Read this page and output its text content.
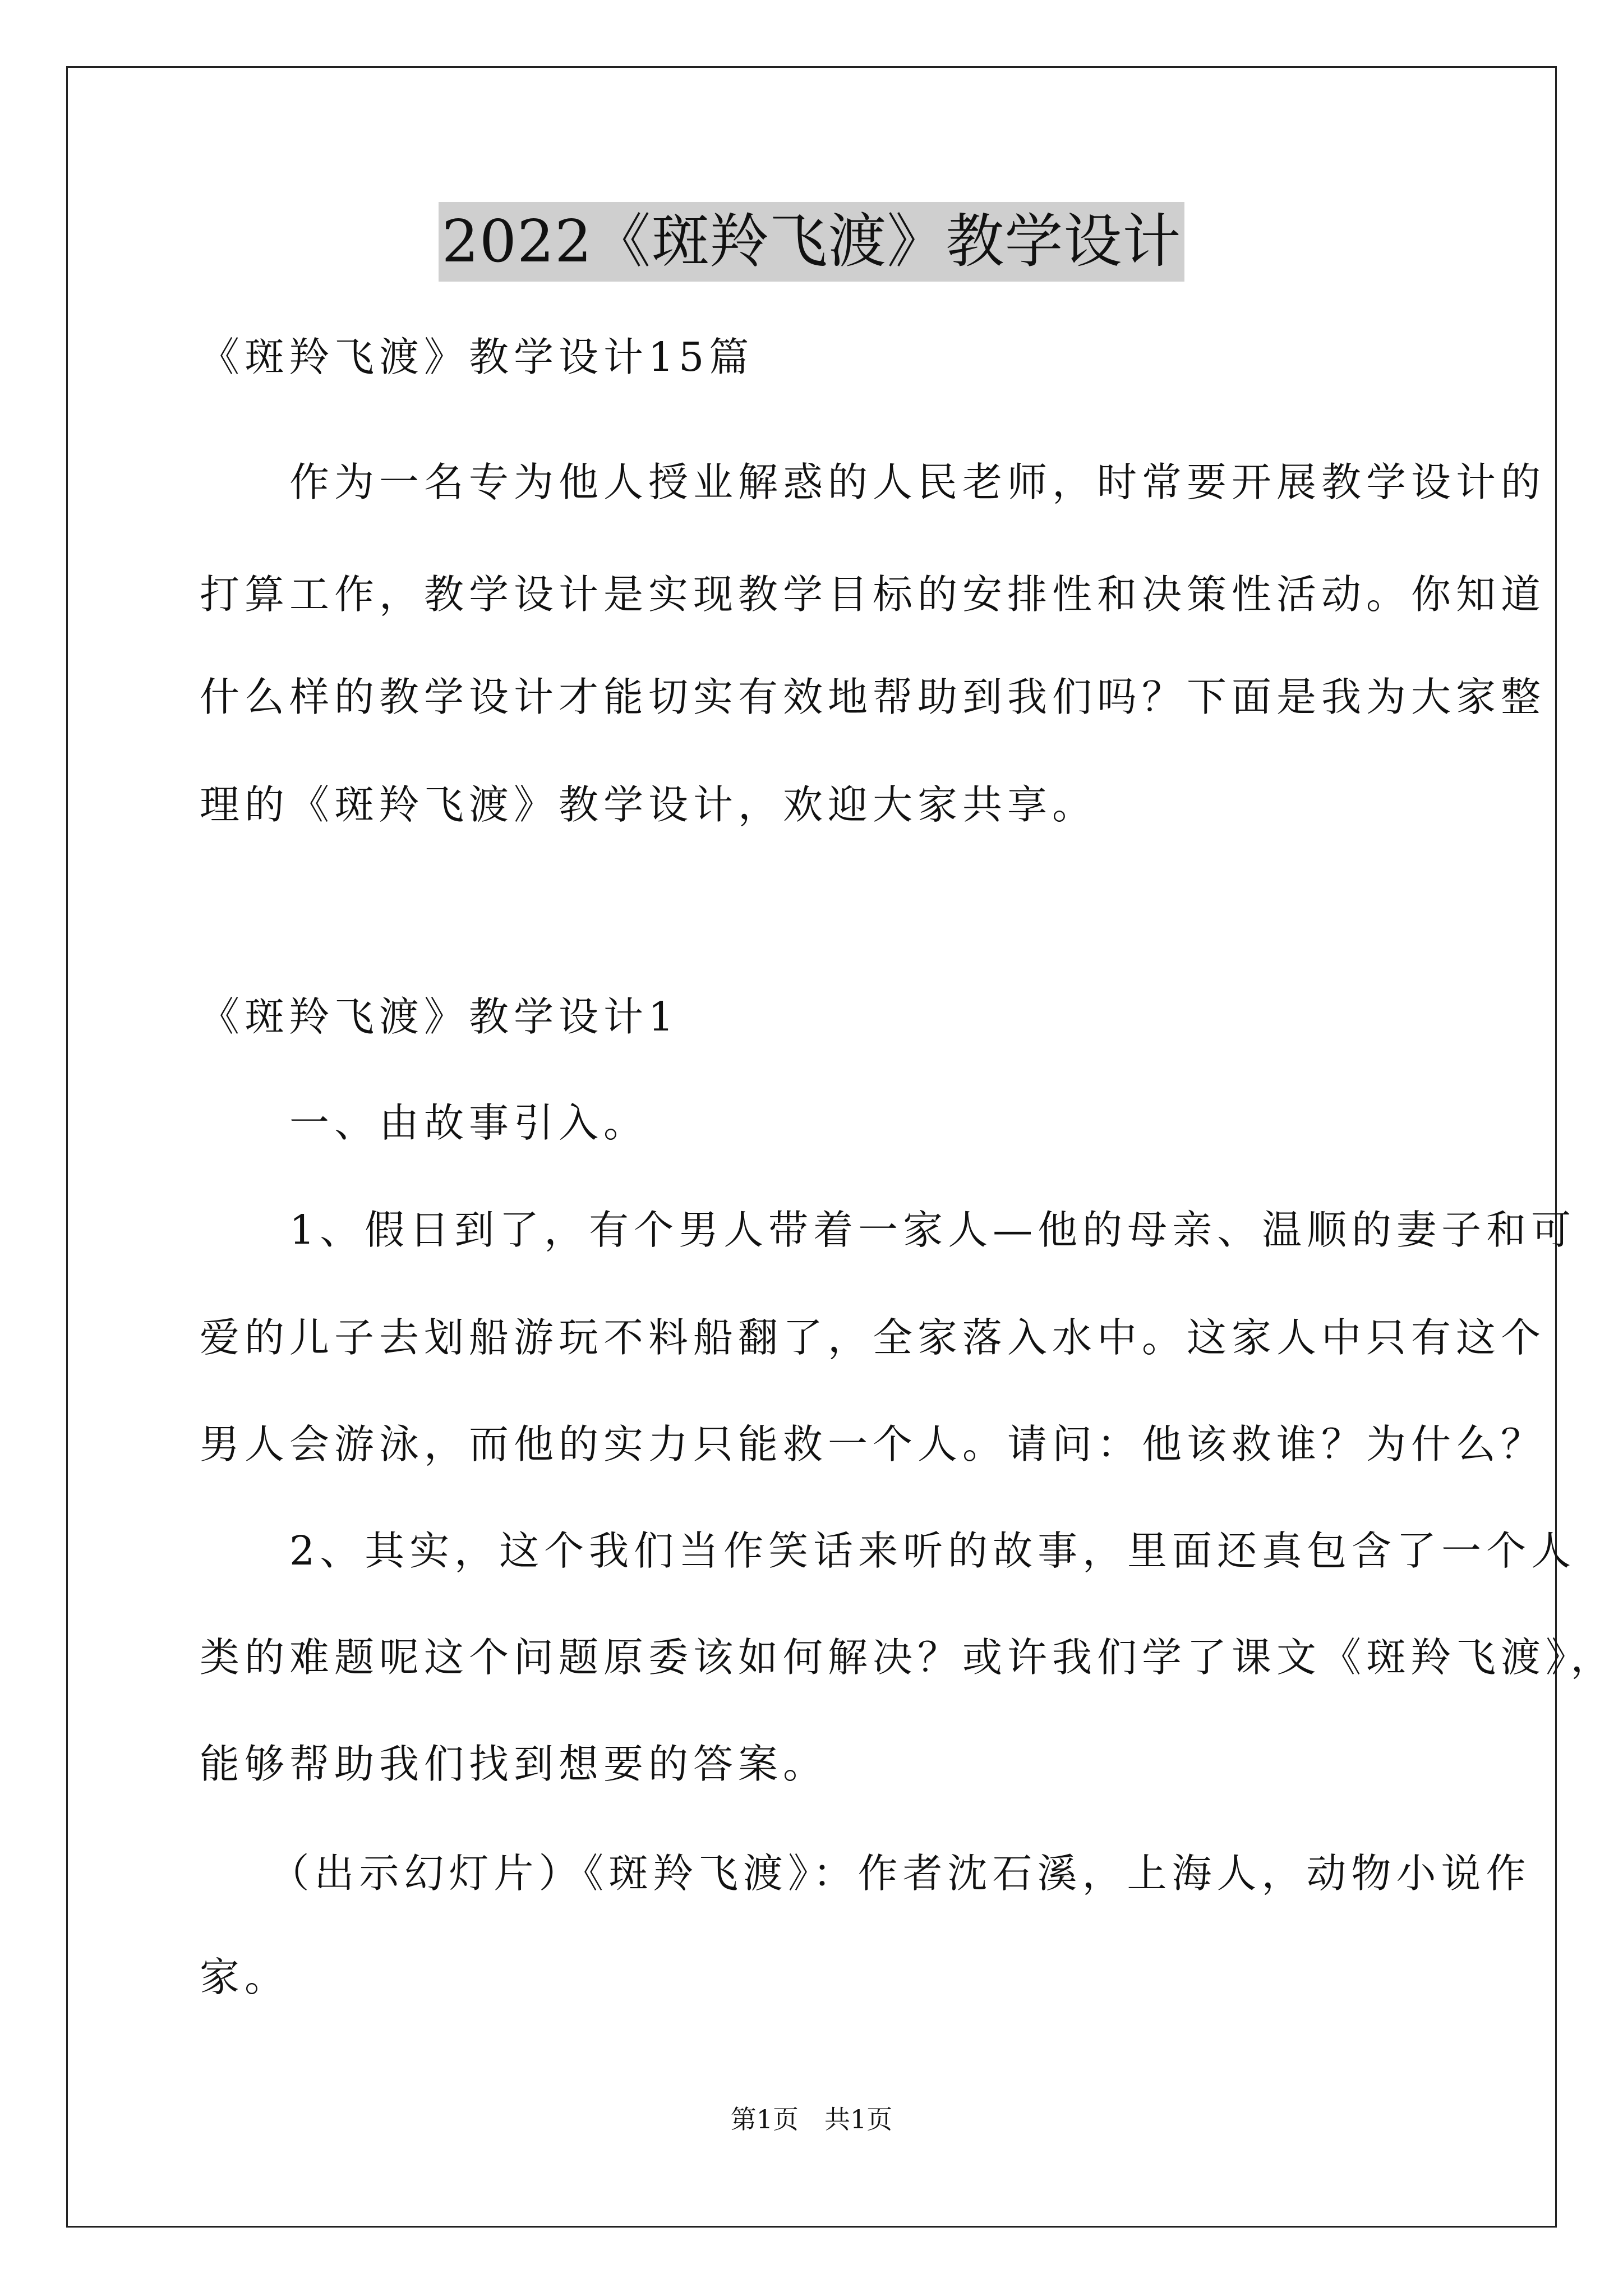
2022《斑羚飞渡》教学设计
《斑羚飞渡》教学设计15篇
　　作为一名专为他人授业解惑的人民老师，时常要开展教学设计的
打算工作，教学设计是实现教学目标的安排性和决策性活动。你知道
什么样的教学设计才能切实有效地帮助到我们吗？下面是我为大家整
理的《斑羚飞渡》教学设计，欢迎大家共享。
《斑羚飞渡》教学设计1
　　一、由故事引入。
　　1、假日到了，有个男人带着一家人—他的母亲、温顺的妻子和可
爱的儿子去划船游玩不料船翻了，全家落入水中。这家人中只有这个
男人会游泳，而他的实力只能救一个人。请问：他该救谁？为什么？
　　2、其实，这个我们当作笑话来听的故事，里面还真包含了一个人
类的难题呢这个问题原委该如何解决？或许我们学了课文《斑羚飞渡》，
能够帮助我们找到想要的答案。
　　（出示幻灯片）《斑羚飞渡》：作者沈石溪，上海人，动物小说作
家。
第1页　共1页
